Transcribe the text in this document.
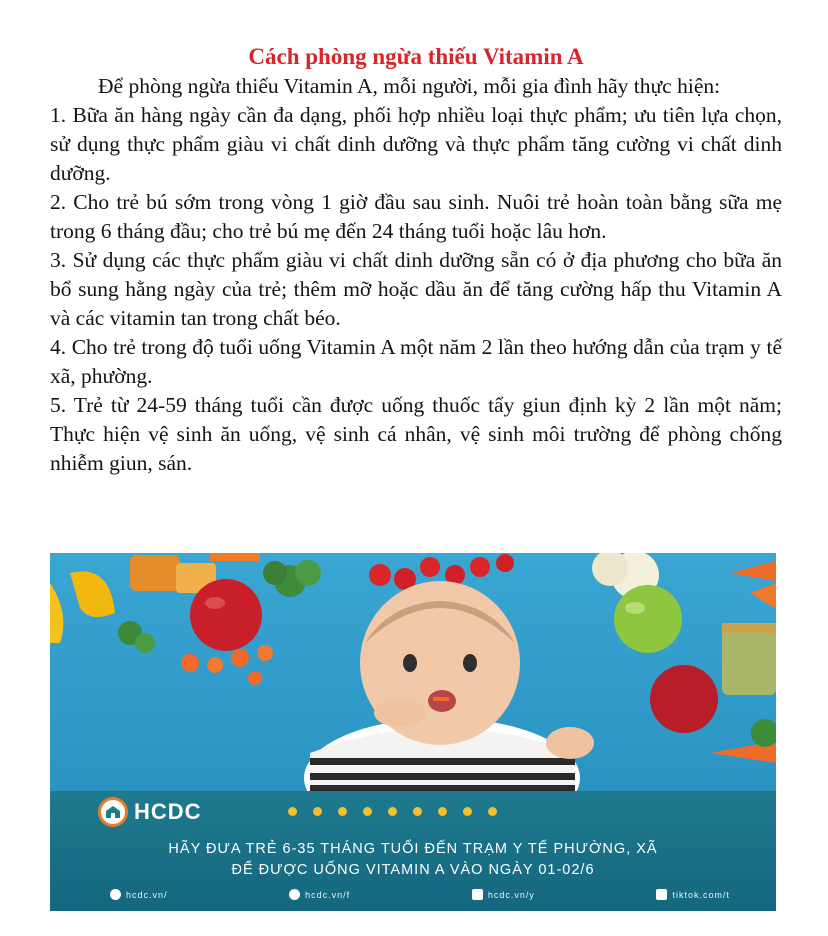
Cách phòng ngừa thiếu Vitamin A

Để phòng ngừa thiếu Vitamin A, mỗi người, mỗi gia đình hãy thực hiện:

1. Bữa ăn hàng ngày cần đa dạng, phối hợp nhiều loại thực phẩm; ưu tiên lựa chọn, sử dụng thực phẩm giàu vi chất dinh dưỡng và thực phẩm tăng cường vi chất dinh dưỡng.

2. Cho trẻ bú sớm trong vòng 1 giờ đầu sau sinh. Nuôi trẻ hoàn toàn bằng sữa mẹ trong 6 tháng đầu; cho trẻ bú mẹ đến 24 tháng tuổi hoặc lâu hơn.

3. Sử dụng các thực phẩm giàu vi chất dinh dưỡng sẵn có ở địa phương cho bữa ăn bổ sung hằng ngày của trẻ; thêm mỡ hoặc dầu ăn để tăng cường hấp thu Vitamin A và các vitamin tan trong chất béo.

4. Cho trẻ trong độ tuổi uống Vitamin A một năm 2 lần theo hướng dẫn của trạm y tế xã, phường.

5. Trẻ từ 24-59 tháng tuổi cần được uống thuốc tẩy giun định kỳ 2 lần một năm; Thực hiện vệ sinh ăn uống, vệ sinh cá nhân, vệ sinh môi trường để phòng chống nhiễm giun, sán.

HCDC
HÃY ĐƯA TRẺ 6-35 THÁNG TUỔI ĐẾN TRẠM Y TẾ PHƯỜNG, XÃ
ĐỂ ĐƯỢC UỐNG VITAMIN A VÀO NGÀY 01-02/6
hcdc.vn/	hcdc.vn/f	hcdc.vn/y	tiktok.com/t
